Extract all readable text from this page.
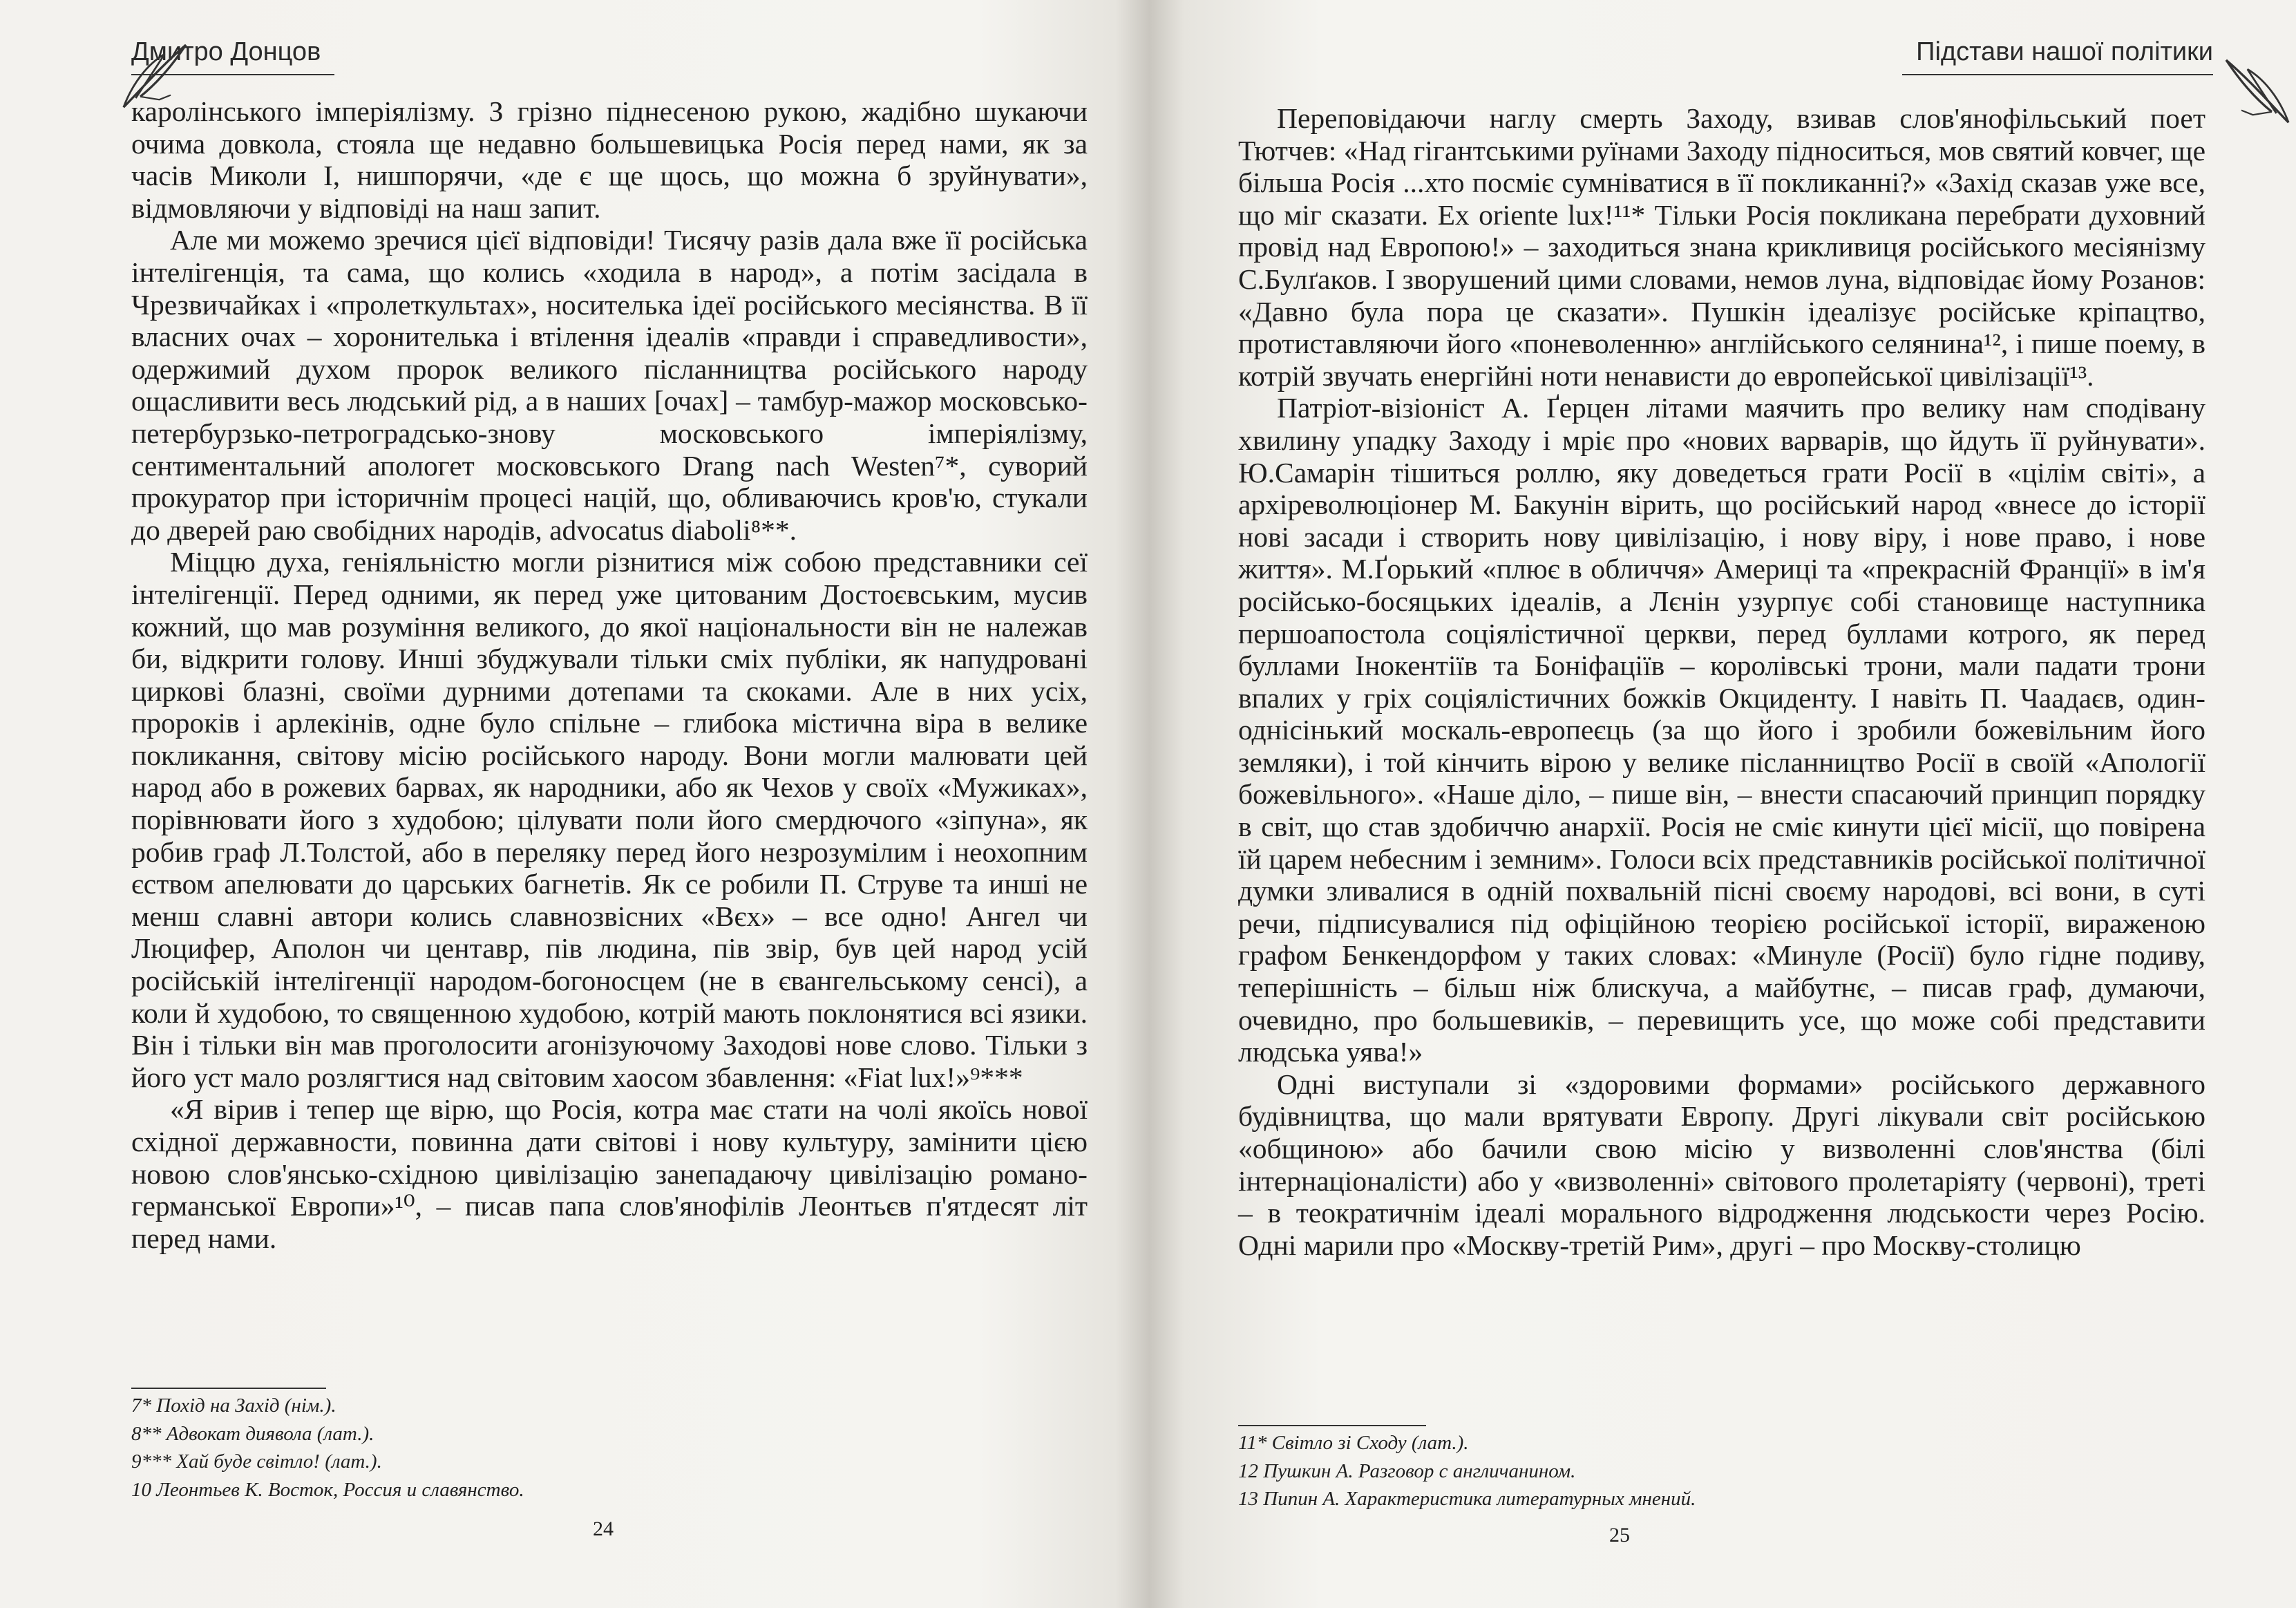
Дмитро Донцов

каролінського імперіялізму. З грізно піднесеною рукою, жадібно шукаючи очима довкола, стояла ще недавно большевицька Росія перед нами, як за часів Миколи I, нишпорячи, «де є ще щось, що можна б зруйнувати», відмовляючи у відповіді на наш запит.

Але ми можемо зречися цієї відповіди! Тисячу разів дала вже її російська інтелігенція, та сама, що колись «ходила в народ», а потім засідала в Чрезвичайках і «пролеткультах», носителька ідеї російського месіянства. В її власних очах – хоронителька і втілення ідеалів «правди і справедливости», одержимий духом пророк великого післанництва російського народу ощасливити весь людський рід, а в наших [очах] – тамбур-мажор московсько-петербурзько-петроградсько-знову московського імперіялізму, сентиментальний апологет московського Drang nach Westen⁷*, суворий прокуратор при історичнім процесі націй, що, обливаючись кров'ю, стукали до дверей раю свобідних народів, advocatus diaboli⁸**.

Міццю духа, геніяльністю могли різнитися між собою представники сеї інтелігенції. Перед одними, як перед уже цитованим Достоєвським, мусив кожний, що мав розуміння великого, до якої національности він не належав би, відкрити голову. Инші збуджували тільки сміх публіки, як напудровані циркові блазні, своїми дурними дотепами та скоками. Але в них усіх, пророків і арлекінів, одне було спільне – глибока містична віра в велике покликання, світову місію російського народу. Вони могли малювати цей народ або в рожевих барвах, як народники, або як Чехов у своїх «Мужиках», порівнювати його з худобою; цілувати поли його смердючого «зіпуна», як робив граф Л.Толстой, або в переляку перед його незрозумілим і неохопним єством апелювати до царських багнетів. Як се робили П. Струве та инші не менш славні автори колись славнозвісних «Вєх» – все одно! Ангел чи Люцифер, Аполон чи центавр, пів людина, пів звір, був цей народ усій російській інтелігенції народом-богоносцем (не в євангельському сенсі), а коли й худобою, то священною худобою, котрій мають поклонятися всі язики. Він і тільки він мав проголосити агонізуючому Заходові нове слово. Тільки з його уст мало розлягтися над світовим хаосом збавлення: «Fiat lux!»⁹***

«Я вірив і тепер ще вірю, що Росія, котра має стати на чолі якоїсь нової східної державности, повинна дати світові і нову культуру, замінити цією новою слов'янсько-східною цивілізацію занепадаючу цивілізацію романо-германської Европи»¹⁰, – писав папа слов'янофілів Леонтьєв п'ятдесят літ перед нами.

7* Похід на Захід (нім.).
8** Адвокат диявола (лат.).
9*** Хай буде світло! (лат.).
10 Леонтьев К. Восток, Россия и славянство.
24
Підстави нашої політики

Переповідаючи наглу смерть Заходу, взивав слов'янофільський поет Тютчев: «Над гігантськими руїнами Заходу підноситься, мов святий ковчег, ще більша Росія ...хто посміє сумніватися в її покликанні?» «Захід сказав уже все, що міг сказати. Ex oriente lux!¹¹* Тільки Росія покликана перебрати духовний провід над Европою!» – заходиться знана крикливиця російського месіянізму С.Булґаков. І зворушений цими словами, немов луна, відповідає йому Розанов: «Давно була пора це сказати». Пушкін ідеалізує російське кріпацтво, протиставляючи його «поневоленню» англійського селянина¹², і пише поему, в котрій звучать енергійні ноти ненависти до европейської цивілізації¹³.

Патріот-візіоніст А. Ґерцен літами маячить про велику нам сподівану хвилину упадку Заходу і мріє про «нових варварів, що йдуть її руйнувати». Ю.Самарін тішиться роллю, яку доведеться грати Росії в «цілім світі», а архіреволюціонер М. Бакунін вірить, що російський народ «внесе до історії нові засади і створить нову цивілізацію, і нову віру, і нове право, і нове життя». М.Ґорький «плює в обличчя» Америці та «прекрасній Франції» в ім'я російсько-босяцьких ідеалів, а Лєнін узурпує собі становище наступника першоапостола соціялістичної церкви, перед буллами котрого, як перед буллами Інокентіїв та Боніфаціїв – королівські трони, мали падати трони впалих у гріх соціялістичних божків Окциденту. І навіть П. Чаадаєв, один-однісінький москаль-европеєць (за що його і зробили божевільним його земляки), і той кінчить вірою у велике післанництво Росії в своїй «Апології божевільного». «Наше діло, – пише він, – внести спасаючий принцип порядку в світ, що став здобиччю анархії. Росія не сміє кинути цієї місії, що повірена їй царем небесним і земним». Голоси всіх представників російської політичної думки зливалися в одній похвальній пісні своєму народові, всі вони, в суті речи, підписувалися під офіційною теорією російської історії, вираженою графом Бенкендорфом у таких словах: «Минуле (Росії) було гідне подиву, теперішність – більш ніж блискуча, а майбутнє, – писав граф, думаючи, очевидно, про большевиків, – перевищить усе, що може собі представити людська уява!»

Одні виступали зі «здоровими формами» російського державного будівництва, що мали врятувати Европу. Другі лікували світ російською «общиною» або бачили свою місію у визволенні слов'янства (білі інтернаціоналісти) або у «визволенні» світового пролетаріяту (червоні), треті – в теократичнім ідеалі морального відродження людськости через Росію. Одні марили про «Москву-третій Рим», другі – про Москву-столицю

11* Світло зі Сходу (лат.).
12 Пушкин А. Разговор с англичанином.
13 Пипин А. Характеристика литературных мнений.
25
